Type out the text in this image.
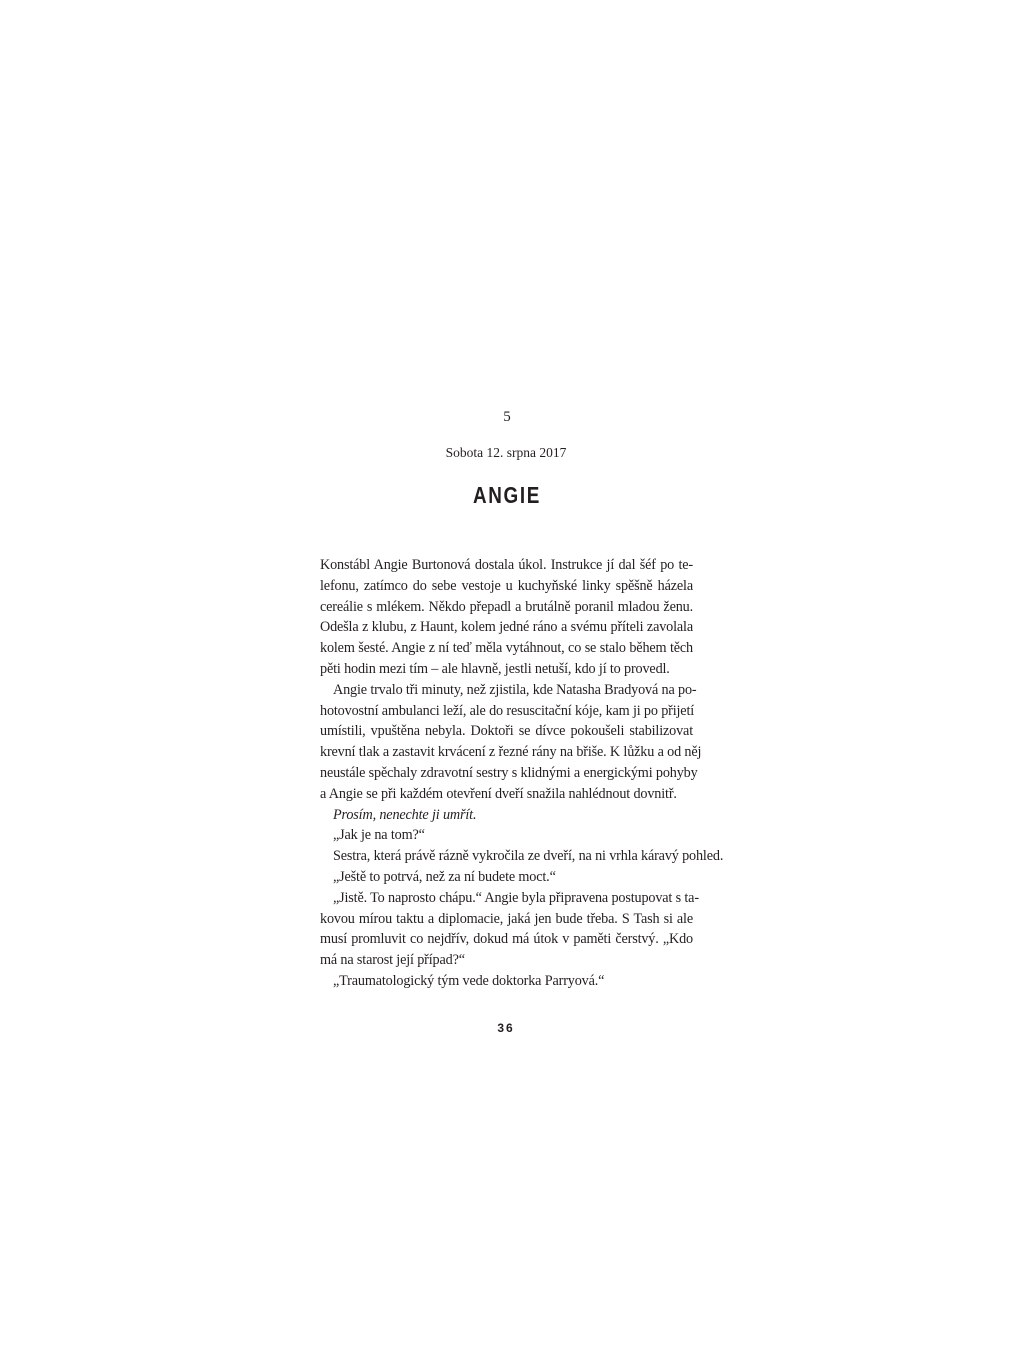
5
Sobota 12. srpna 2017
ANGIE
Konstábl Angie Burtonová dostala úkol. Instrukce jí dal šéf po te-
lefonu, zatímco do sebe vestoje u kuchyňské linky spěšně házela
cereálie s mlékem. Někdo přepadl a brutálně poranil mladou ženu.
Odešla z klubu, z Haunt, kolem jedné ráno a svému příteli zavolala
kolem šesté. Angie z ní teď měla vytáhnout, co se stalo během těch
pěti hodin mezi tím – ale hlavně, jestli netuší, kdo jí to provedl.
Angie trvalo tři minuty, než zjistila, kde Natasha Bradyová na po-
hotovostní ambulanci leží, ale do resuscitační kóje, kam ji po přijetí
umístili, vpuštěna nebyla. Doktoři se dívce pokoušeli stabilizovat
krevní tlak a zastavit krvácení z řezné rány na břiše. K lůžku a od něj
neustále spěchaly zdravotní sestry s klidnými a energickými pohyby
a Angie se při každém otevření dveří snažila nahlédnout dovnitř.
Prosím, nenechte ji umřít.
„Jak je na tom?“
Sestra, která právě rázně vykročila ze dveří, na ni vrhla káravý pohled.
„Ještě to potrvá, než za ní budete moct.“
„Jistě. To naprosto chápu.“ Angie byla připravena postupovat s ta-
kovou mírou taktu a diplomacie, jaká jen bude třeba. S Tash si ale
musí promluvit co nejdřív, dokud má útok v paměti čerstvý. „Kdo
má na starost její případ?“
„Traumatologický tým vede doktorka Parryová.“
36
